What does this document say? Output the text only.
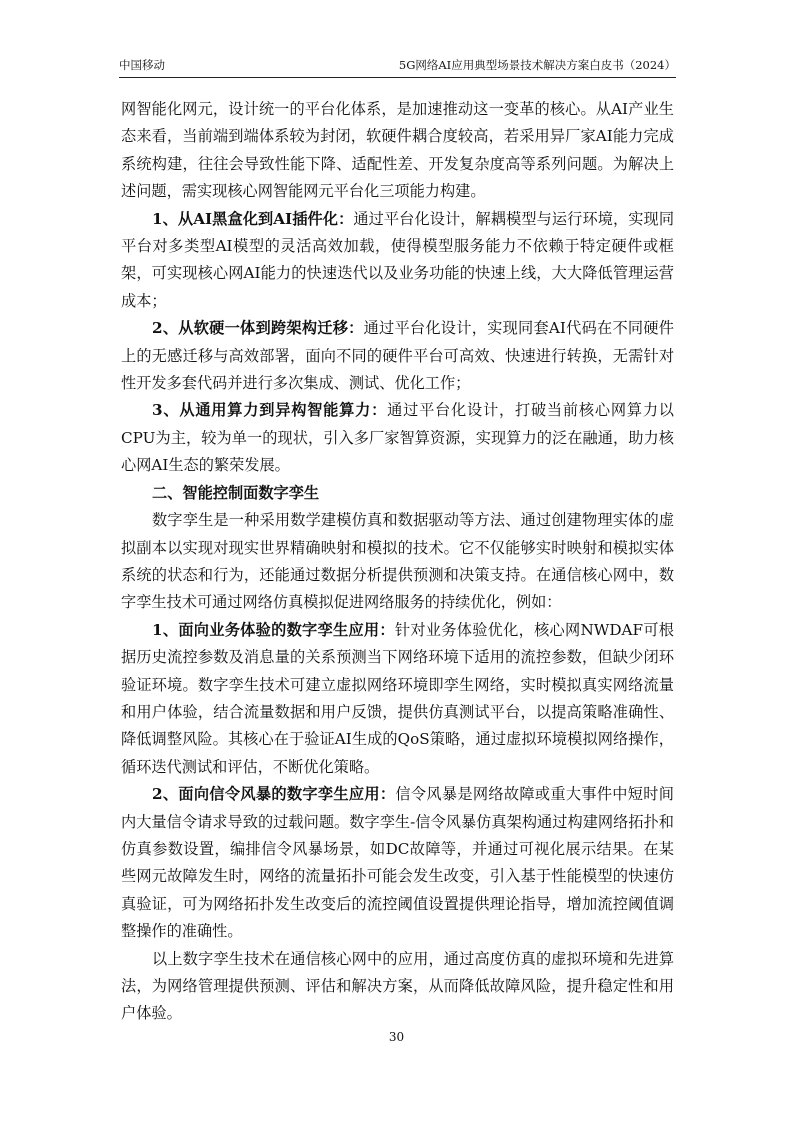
中国移动	5G网络AI应用典型场景技术解决方案白皮书（2024）

网智能化网元，设计统一的平台化体系，是加速推动这一变革的核心。从AI产业生态来看，当前端到端体系较为封闭，软硬件耦合度较高，若采用异厂家AI能力完成系统构建，往往会导致性能下降、适配性差、开发复杂度高等系列问题。为解决上述问题，需实现核心网智能网元平台化三项能力构建。

1、从AI黑盒化到AI插件化：通过平台化设计，解耦模型与运行环境，实现同平台对多类型AI模型的灵活高效加载，使得模型服务能力不依赖于特定硬件或框架，可实现核心网AI能力的快速迭代以及业务功能的快速上线，大大降低管理运营成本；

2、从软硬一体到跨架构迁移：通过平台化设计，实现同套AI代码在不同硬件上的无感迁移与高效部署，面向不同的硬件平台可高效、快速进行转换，无需针对性开发多套代码并进行多次集成、测试、优化工作；

3、从通用算力到异构智能算力：通过平台化设计，打破当前核心网算力以CPU为主，较为单一的现状，引入多厂家智算资源，实现算力的泛在融通，助力核心网AI生态的繁荣发展。

二、智能控制面数字孪生

数字孪生是一种采用数学建模仿真和数据驱动等方法、通过创建物理实体的虚拟副本以实现对现实世界精确映射和模拟的技术。它不仅能够实时映射和模拟实体系统的状态和行为，还能通过数据分析提供预测和决策支持。在通信核心网中，数字孪生技术可通过网络仿真模拟促进网络服务的持续优化，例如：

1、面向业务体验的数字孪生应用：针对业务体验优化，核心网NWDAF可根据历史流控参数及消息量的关系预测当下网络环境下适用的流控参数，但缺少闭环验证环境。数字孪生技术可建立虚拟网络环境即孪生网络，实时模拟真实网络流量和用户体验，结合流量数据和用户反馈，提供仿真测试平台，以提高策略准确性、降低调整风险。其核心在于验证AI生成的QoS策略，通过虚拟环境模拟网络操作，循环迭代测试和评估，不断优化策略。

2、面向信令风暴的数字孪生应用：信令风暴是网络故障或重大事件中短时间内大量信令请求导致的过载问题。数字孪生-信令风暴仿真架构通过构建网络拓扑和仿真参数设置，编排信令风暴场景，如DC故障等，并通过可视化展示结果。在某些网元故障发生时，网络的流量拓扑可能会发生改变，引入基于性能模型的快速仿真验证，可为网络拓扑发生改变后的流控阈值设置提供理论指导，增加流控阈值调整操作的准确性。

以上数字孪生技术在通信核心网中的应用，通过高度仿真的虚拟环境和先进算法，为网络管理提供预测、评估和解决方案，从而降低故障风险，提升稳定性和用户体验。

30
